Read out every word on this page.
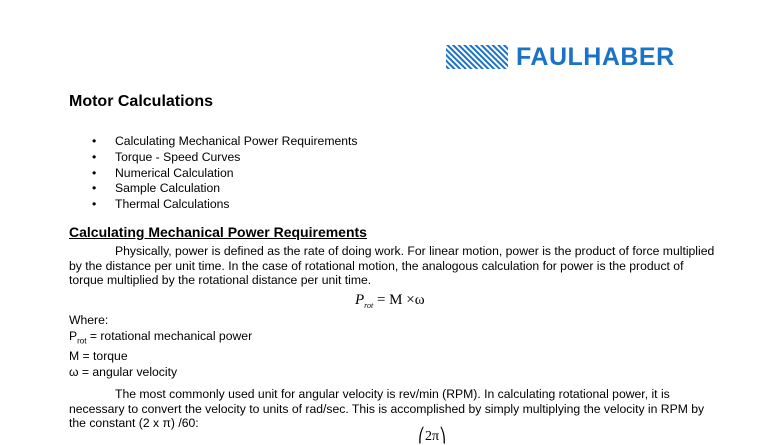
FAULHABER
Motor Calculations
•	Calculating Mechanical Power Requirements
•	Torque - Speed Curves
•	Numerical Calculation
•	Sample Calculation
•	Thermal Calculations
Calculating Mechanical Power Requirements

Physically, power is defined as the rate of doing work. For linear motion, power is the product of force multiplied by the distance per unit time. In the case of rotational motion, the analogous calculation for power is the product of torque multiplied by the rotational distance per unit time.

$P_{rot} = M \times\omega$
Where:
$P_{rot}$ = rotational mechanical power
M = torque
ω = angular velocity

The most commonly used unit for angular velocity is rev/min (RPM). In calculating rotational power, it is necessary to convert the velocity to units of rad/sec. This is accomplished by simply multiplying the velocity in RPM by the constant (2 x π) /60:

⎛2π⎞
